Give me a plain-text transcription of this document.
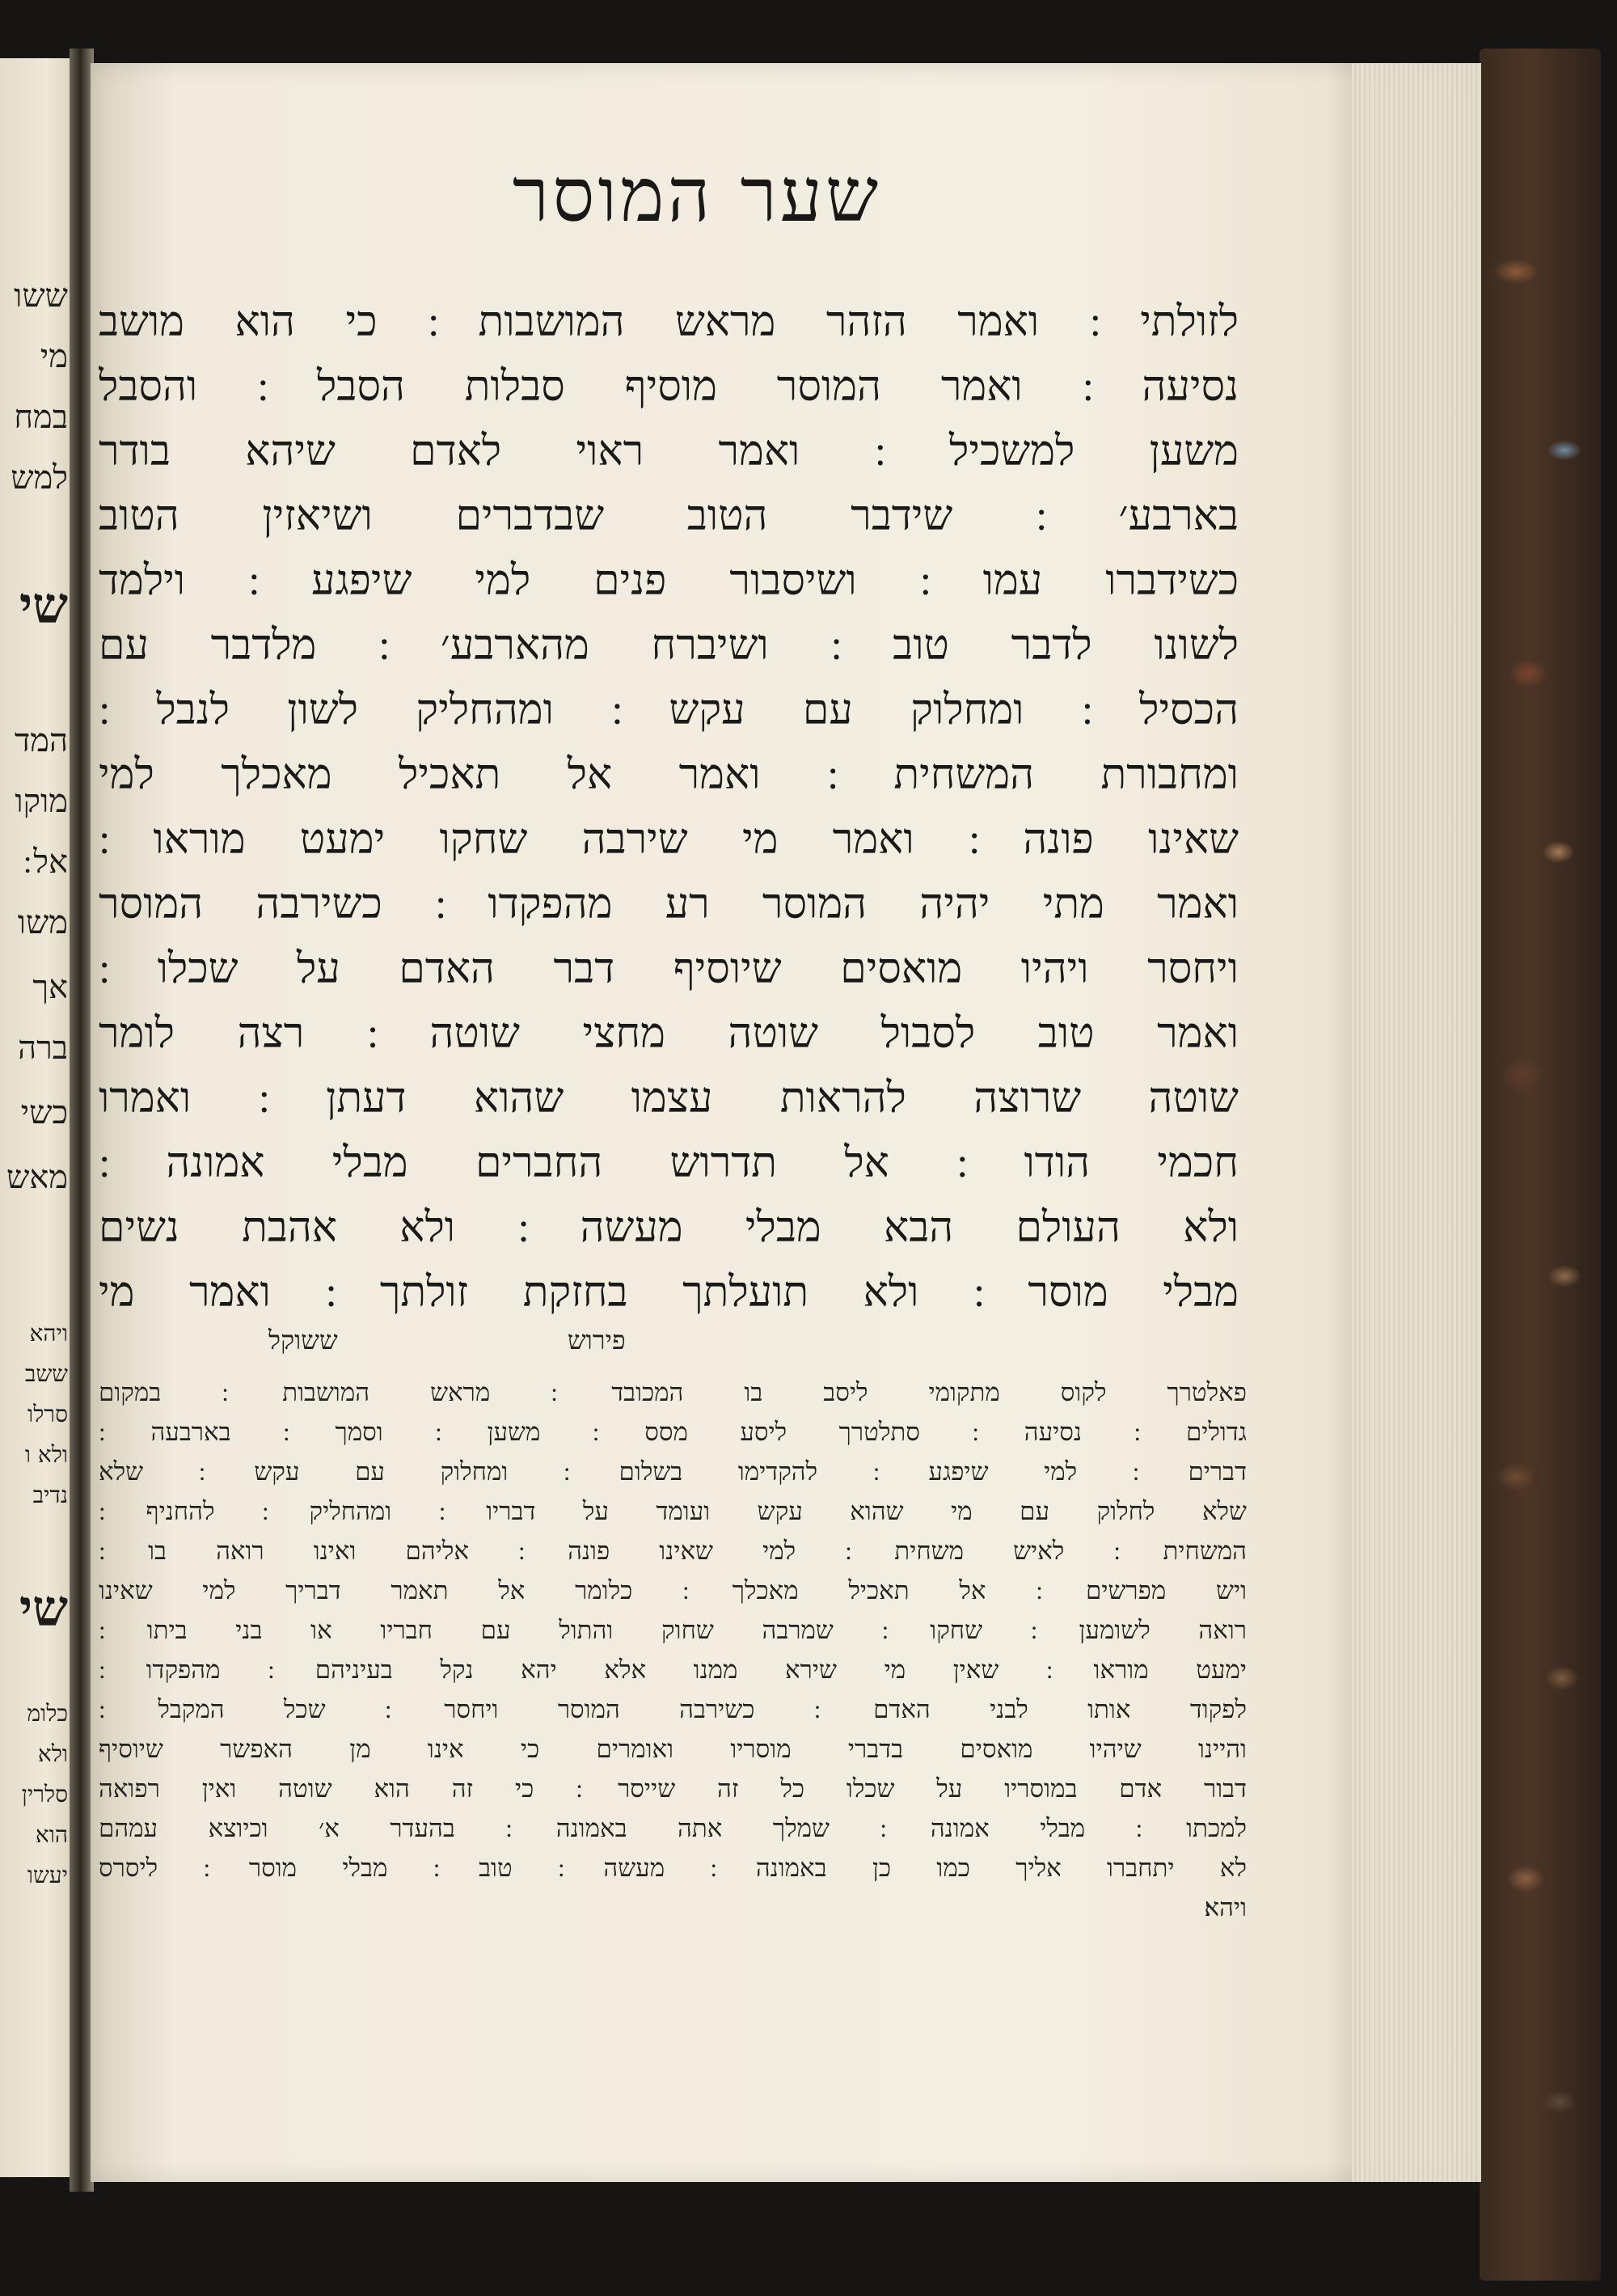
ששו
מי
במח
למש
שי
המד
מוקו
אל ׃
משו
אך
ברה
כשי
מאש
ויהא
ששב
סרלו
ולא ו
נדיב
שי
כלומ
ולא
סלרין
הוא
יעשו
שער המוסר
לזולתי ׃ ואמר הזהר מראש המושבות ׃ כי הוא מושב
נסיעה ׃ ואמר המוסר מוסיף סבלות הסבל ׃ והסבל
משען למשכיל ׃ ואמר ראוי לאדם שיהא בודר
בארבע׳ ׃ שידבר הטוב שבדברים ושיאזין הטוב
כשידברו עמו ׃ ושיסבור פנים למי שיפגע ׃ וילמד
לשונו לדבר טוב ׃ ושיברח מהארבע׳ ׃ מלדבר עם
הכסיל ׃ ומחלוק עם עקש ׃ ומהחליק לשון לנבל ׃
ומחבורת המשחית ׃ ואמר אל תאכיל מאכלך למי
שאינו פונה ׃ ואמר מי שירבה שחקו ימעט מוראו ׃
ואמר מתי יהיה המוסר רע מהפקדו ׃ כשירבה המוסר
ויחסר ויהיו מואסים שיוסיף דבר האדם על שכלו ׃
ואמר טוב לסבול שוטה מחצי שוטה ׃ רצה לומר
שוטה שרוצה להראות עצמו שהוא דעתן ׃ ואמרו
חכמי הודו ׃ אל תדרוש החברים מבלי אמונה ׃
ולא העולם הבא מבלי מעשה ׃ ולא אהבת נשים
מבלי מוסר ׃ ולא תועלתך בחזקת זולתך ׃ ואמר מי
פירוש
ששוקל
פאלטרך לקוס מתקומי ליסב בו המכובד ׃ מראש המושבות ׃ במקום
גדולים ׃ נסיעה ׃ סתלטרך ליסע מסס ׃ משען ׃ וסמך ׃ בארבעה ׃
דברים ׃ למי שיפגע ׃ להקדימו בשלום ׃ ומחלוק עם עקש ׃ שלא
שלא לחלוק עם מי שהוא עקש ועומד על דבריו ׃ ומהחליק ׃ להחניף ׃
המשחית ׃ לאיש משחית ׃ למי שאינו פונה ׃ אליהם ואינו רואה בו ׃
ויש מפרשים ׃ אל תאכיל מאכלך ׃ כלומר אל תאמר דבריך למי שאינו
רואה לשומען ׃ שחקו ׃ שמרבה שחוק והתול עם חבריו או בני ביתו ׃
ימעט מוראו ׃ שאין מי שירא ממנו אלא יהא נקל בעיניהם ׃ מהפקדו ׃
לפקוד אותו לבני האדם ׃ כשירבה המוסר ויחסר ׃ שכל המקבל ׃
והיינו שיהיו מואסים בדברי מוסריו ואומרים כי אינו מן האפשר שיוסיף
דבור אדם במוסריו על שכלו כל זה שייסר ׃ כי זה הוא שוטה ואין רפואה
למכתו ׃ מבלי אמונה ׃ שמלך אתה באמונה ׃ בהעדר א׳ וכיוצא עמהם
לא יתחברו אליך כמו כן באמונה ׃ מעשה ׃ טוב ׃ מבלי מוסר ׃ ליסרס
ויהא׃
